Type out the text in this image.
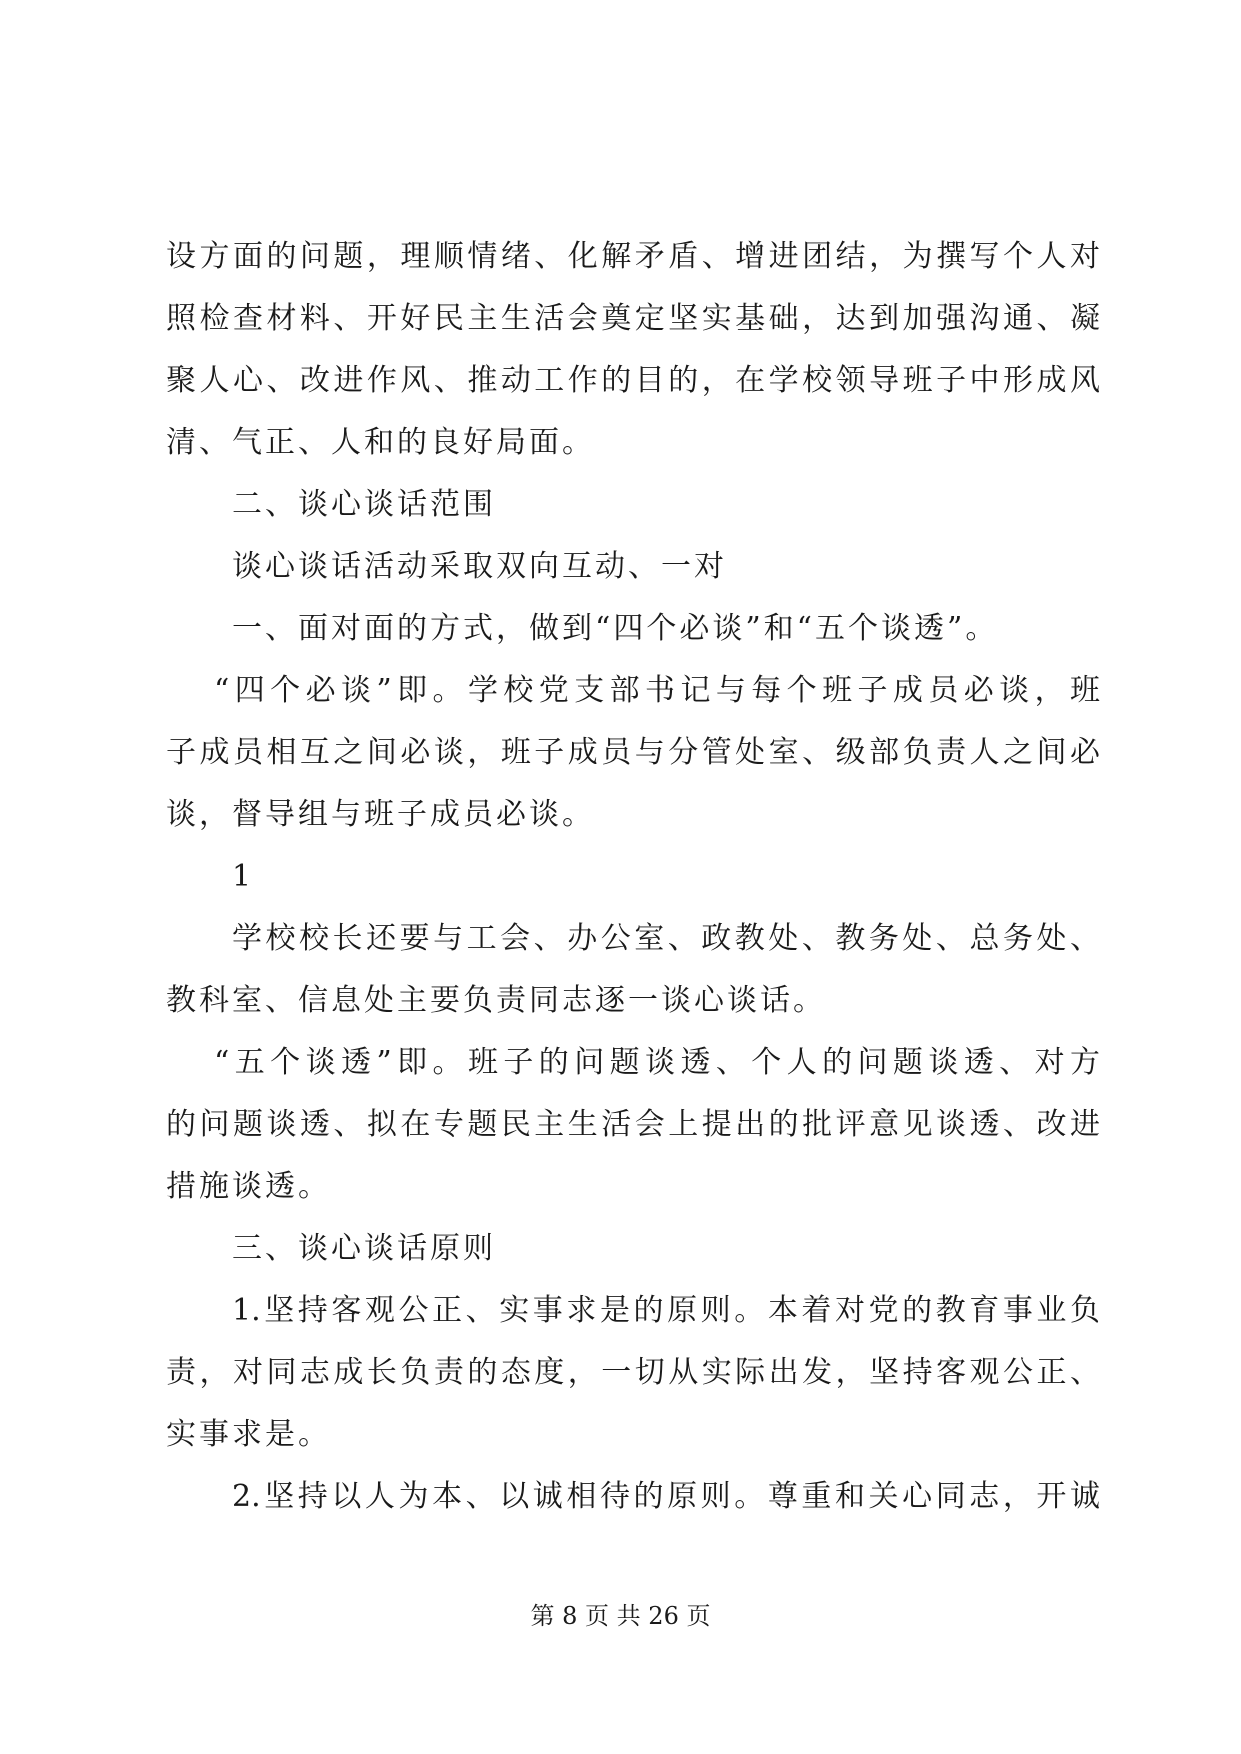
设方面的问题，理顺情绪、化解矛盾、增进团结，为撰写个人对
照检查材料、开好民主生活会奠定坚实基础，达到加强沟通、凝
聚人心、改进作风、推动工作的目的，在学校领导班子中形成风
清、气正、人和的良好局面。
二、谈心谈话范围
谈心谈话活动采取双向互动、一对
一、面对面的方式，做到“四个必谈”和“五个谈透”。
“四个必谈”即。学校党支部书记与每个班子成员必谈，班
子成员相互之间必谈，班子成员与分管处室、级部负责人之间必
谈，督导组与班子成员必谈。
1
学校校长还要与工会、办公室、政教处、教务处、总务处、
教科室、信息处主要负责同志逐一谈心谈话。
“五个谈透”即。班子的问题谈透、个人的问题谈透、对方
的问题谈透、拟在专题民主生活会上提出的批评意见谈透、改进
措施谈透。
三、谈心谈话原则
1.坚持客观公正、实事求是的原则。本着对党的教育事业负
责，对同志成长负责的态度，一切从实际出发，坚持客观公正、
实事求是。
2.坚持以人为本、以诚相待的原则。尊重和关心同志，开诚
第 8 页 共 26 页
